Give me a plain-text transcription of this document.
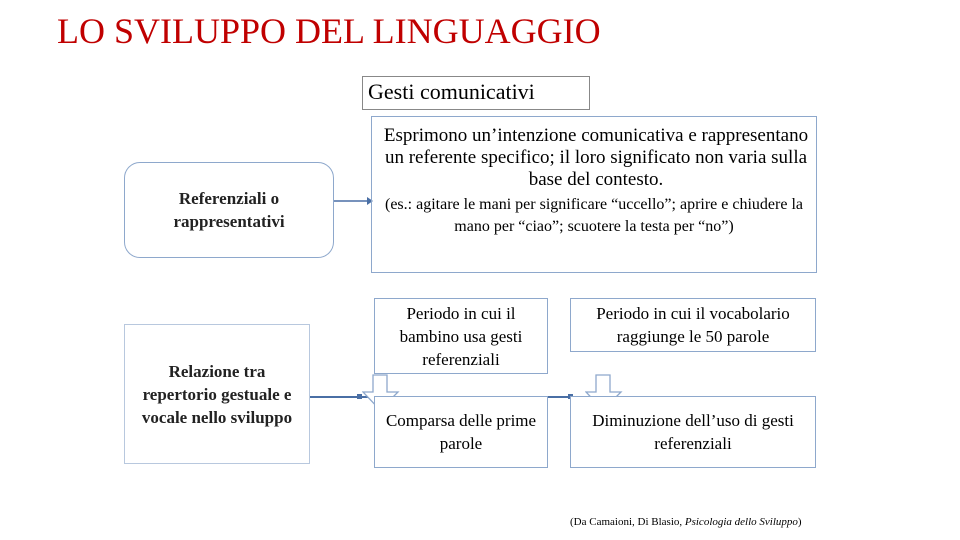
LO SVILUPPO DEL LINGUAGGIO
Gesti comunicativi
Referenziali o
rappresentativi
Esprimono un’intenzione comunicativa e rappresentano un referente specifico; il loro significato non varia sulla base del contesto.
(es.: agitare le mani per significare “uccello”; aprire e chiudere la mano per “ciao”; scuotere la testa per “no”)
Relazione tra
repertorio gestuale e
vocale nello sviluppo
Periodo in cui il bambino usa gesti referenziali
Periodo in cui il vocabolario raggiunge le 50 parole
Comparsa delle prime parole
Diminuzione dell’uso di gesti referenziali
(Da Camaioni, Di Blasio, Psicologia dello Sviluppo)
